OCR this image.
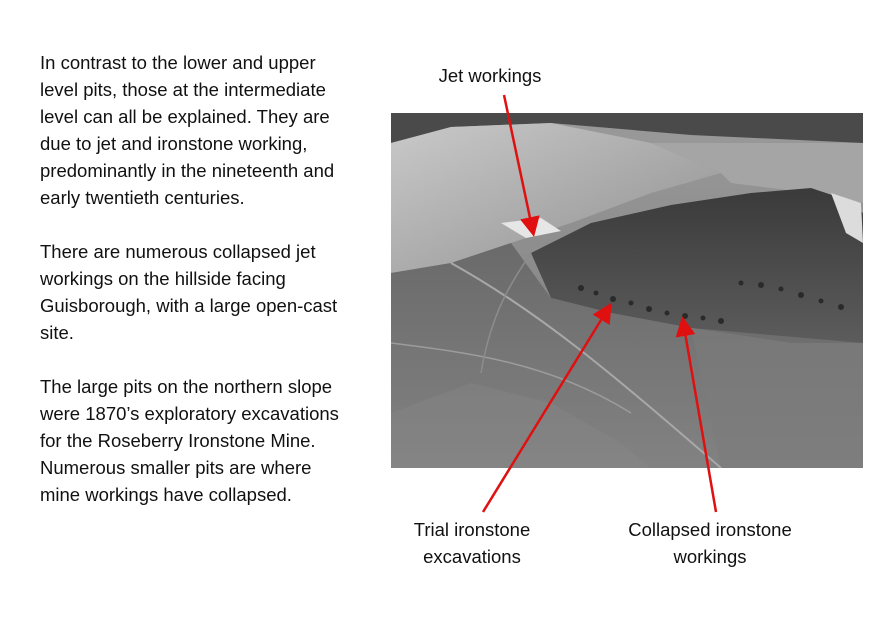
In contrast to the lower and upper level pits, those at the intermediate level can all be explained. They are due to jet and ironstone working, predominantly in the nineteenth and early twentieth centuries.

There are numerous collapsed jet workings on the hillside facing Guisborough, with a large open-cast site.

The large pits on the northern slope were 1870’s exploratory excavations for the Roseberry Ironstone Mine. Numerous smaller pits are where mine workings have collapsed.

Jet workings
Trial ironstone
excavations
Collapsed ironstone
workings
